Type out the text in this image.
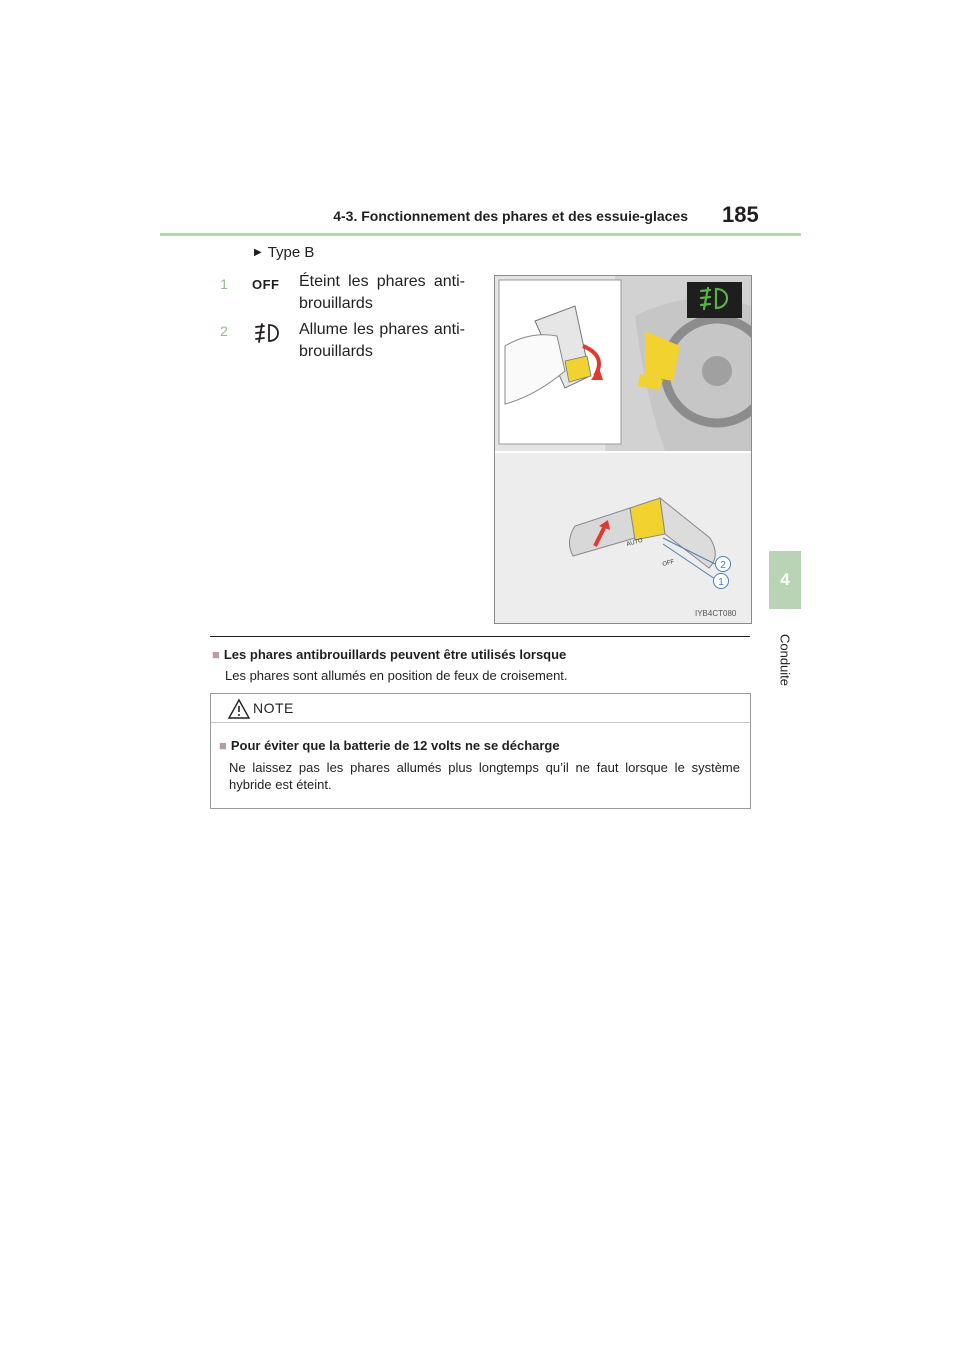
4-3. Fonctionnement des phares et des essuie-glaces 185
4
Conduite
▶ Type B
1	OFF Éteint les phares anti-
brouillards
2	Allume les phares anti-
brouillards
AUTO
OFF	2
1
IYB4CT080
■ Les phares antibrouillards peuvent être utilisés lorsque
Les phares sont allumés en position de feux de croisement.
NOTE
■ Pour éviter que la batterie de 12 volts ne se décharge
Ne laissez pas les phares allumés plus longtemps qu’il ne faut lorsque le système hybride est éteint.
